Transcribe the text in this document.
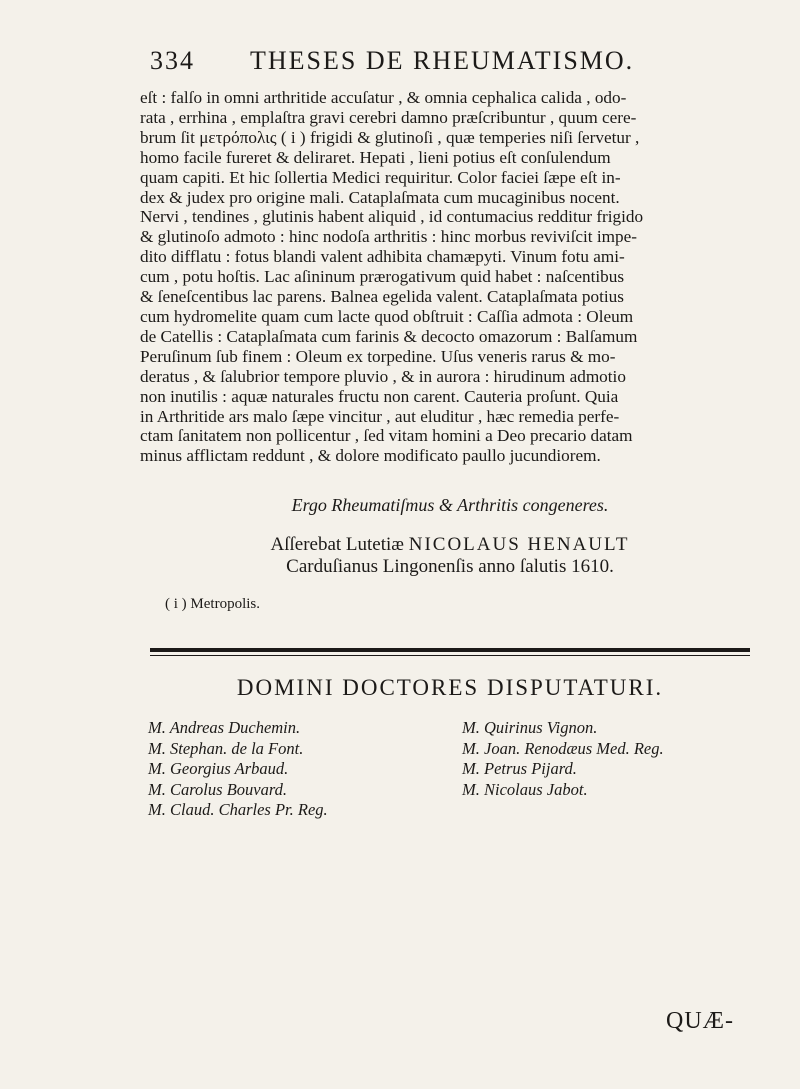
334 THESES DE RHEUMATISMO.
eſt : falſo in omni arthritide accuſatur , & omnia cephalica calida , odo-
rata , errhina , emplaſtra gravi cerebri damno præſcribuntur , quum cere-
brum ſit μετρόπολις ( i ) frigidi & glutinoſi , quæ temperies niſi ſervetur ,
homo facile fureret & deliraret. Hepati , lieni potius eſt conſulendum
quam capiti. Et hic ſollertia Medici requiritur. Color faciei ſæpe eſt in-
dex & judex pro origine mali. Cataplaſmata cum mucaginibus nocent.
Nervi , tendines , glutinis habent aliquid , id contumacius redditur frigido
& glutinoſo admoto : hinc nodoſa arthritis : hinc morbus reviviſcit impe-
dito difflatu : fotus blandi valent adhibita chamæpyti. Vinum fotu ami-
cum , potu hoſtis. Lac aſininum prærogativum quid habet : naſcentibus
& ſeneſcentibus lac parens. Balnea egelida valent. Cataplaſmata potius
cum hydromelite quam cum lacte quod obſtruit : Caſſia admota : Oleum
de Catellis : Cataplaſmata cum farinis & decocto omazorum : Balſamum
Peruſinum ſub finem : Oleum ex torpedine. Uſus veneris rarus & mo-
deratus , & ſalubrior tempore pluvio , & in aurora : hirudinum admotio
non inutilis : aquæ naturales fructu non carent. Cauteria proſunt. Quia
in Arthritide ars malo ſæpe vincitur , aut eluditur , hæc remedia perfe-
ctam ſanitatem non pollicentur , ſed vitam homini a Deo precario datam
minus afflictam reddunt , & dolore modificato paullo jucundiorem.
Ergo Rheumatiſmus & Arthritis congeneres.
Aſſerebat Lutetiæ NICOLAUS HENAULT
Carduſianus Lingonenſis anno ſalutis 1610.
( i ) Metropolis.
DOMINI DOCTORES DISPUTATURI.
M. Andreas Duchemin.
M. Stephan. de la Font.
M. Georgius Arbaud.
M. Carolus Bouvard.
M. Claud. Charles Pr. Reg.
M. Quirinus Vignon.
M. Joan. Renodæus Med. Reg.
M. Petrus Pijard.
M. Nicolaus Jabot.
QUÆ-
